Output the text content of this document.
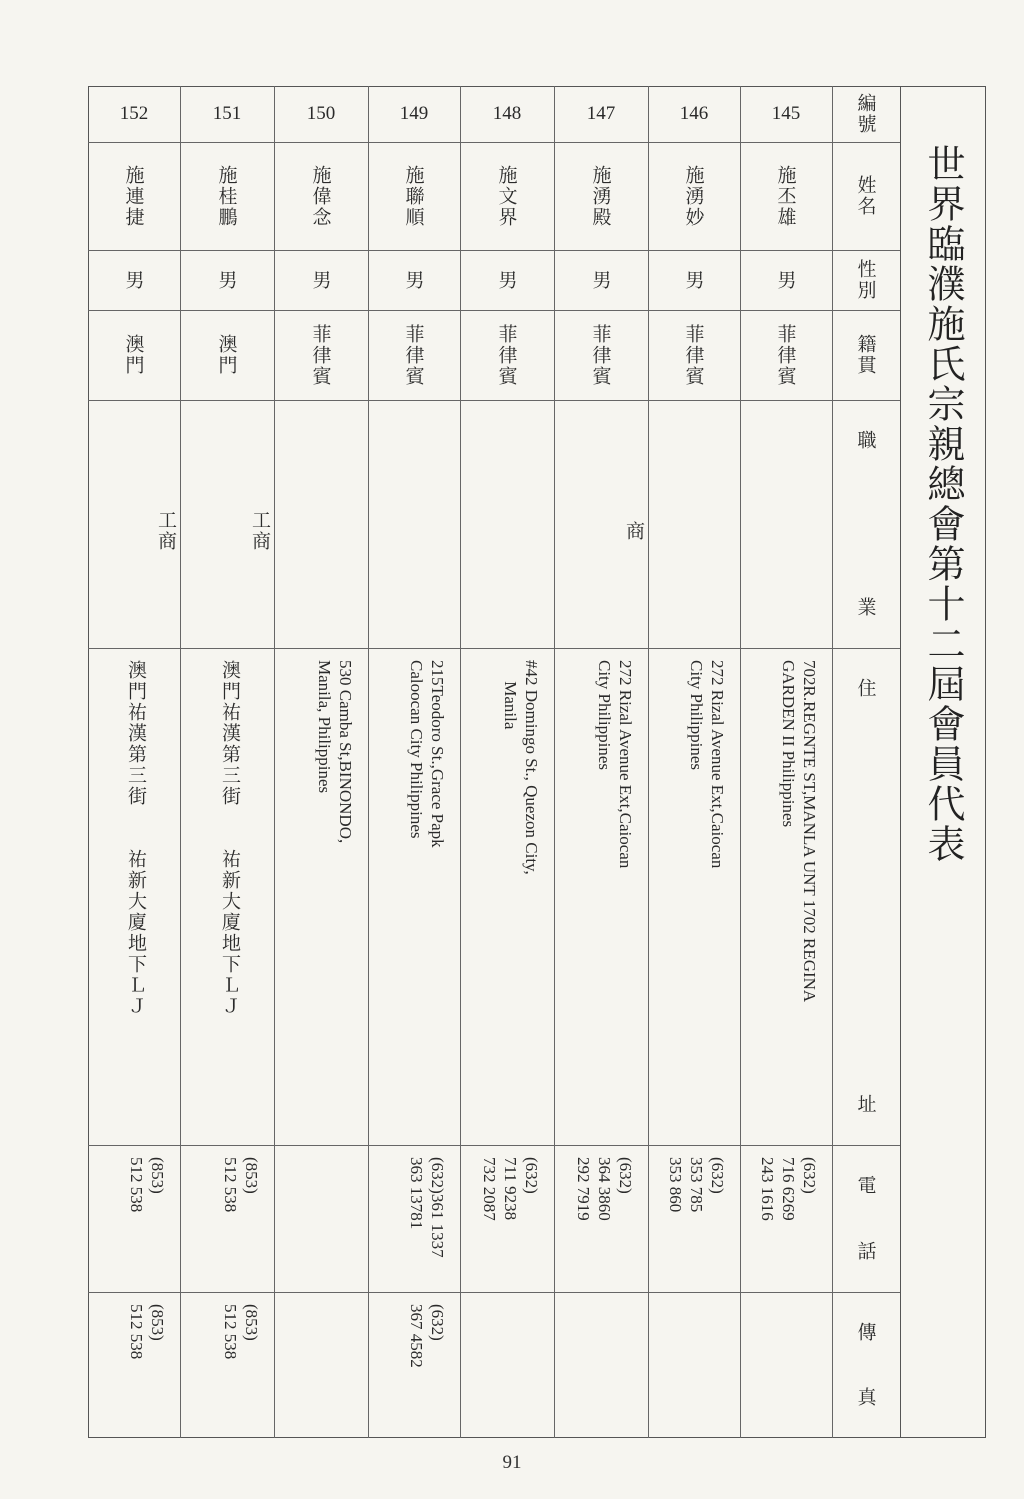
世界臨濮施氏宗親總會第十二屆會員代表
編號
姓名
性別
籍貫
職
業
住
址
電
話
傳
真
145
施丕雄
男
菲律賓
702R.REGNTE ST,MANLA UNT 1702 REGINA
GARDEN II Philippines
(632)
716 6269
243 1616
146
施湧妙
男
菲律賓
272 Rizal Avenue Ext,Caiocan
City Philippines
(632)
353 785
353 860
147
施湧殿
男
菲律賓
商
272 Rizal Avenue Ext,Caiocan
City Philippines
(632)
364 3860
292 7919
148
施文界
男
菲律賓
#42 Domingo St., Quezon City,
Manila
(632)
711 9238
732 2087
149
施聯順
男
菲律賓
215Teodoro St.,Grace Papk
Caloocan City Philippines
(632)361 1337
363 13781
(632)
367 4582
150
施偉念
男
菲律賓
530 Camba St,BINONDO,
Manila, Philippines
151
施桂鵬
男
澳門
工商
澳門祐漢第三街　　祐新大廈地下ＬＪ
(853)
512 538
(853)
512 538
152
施連捷
男
澳門
工商
澳門祐漢第三街　　祐新大廈地下ＬＪ
(853)
512 538
(853)
512 538
91
